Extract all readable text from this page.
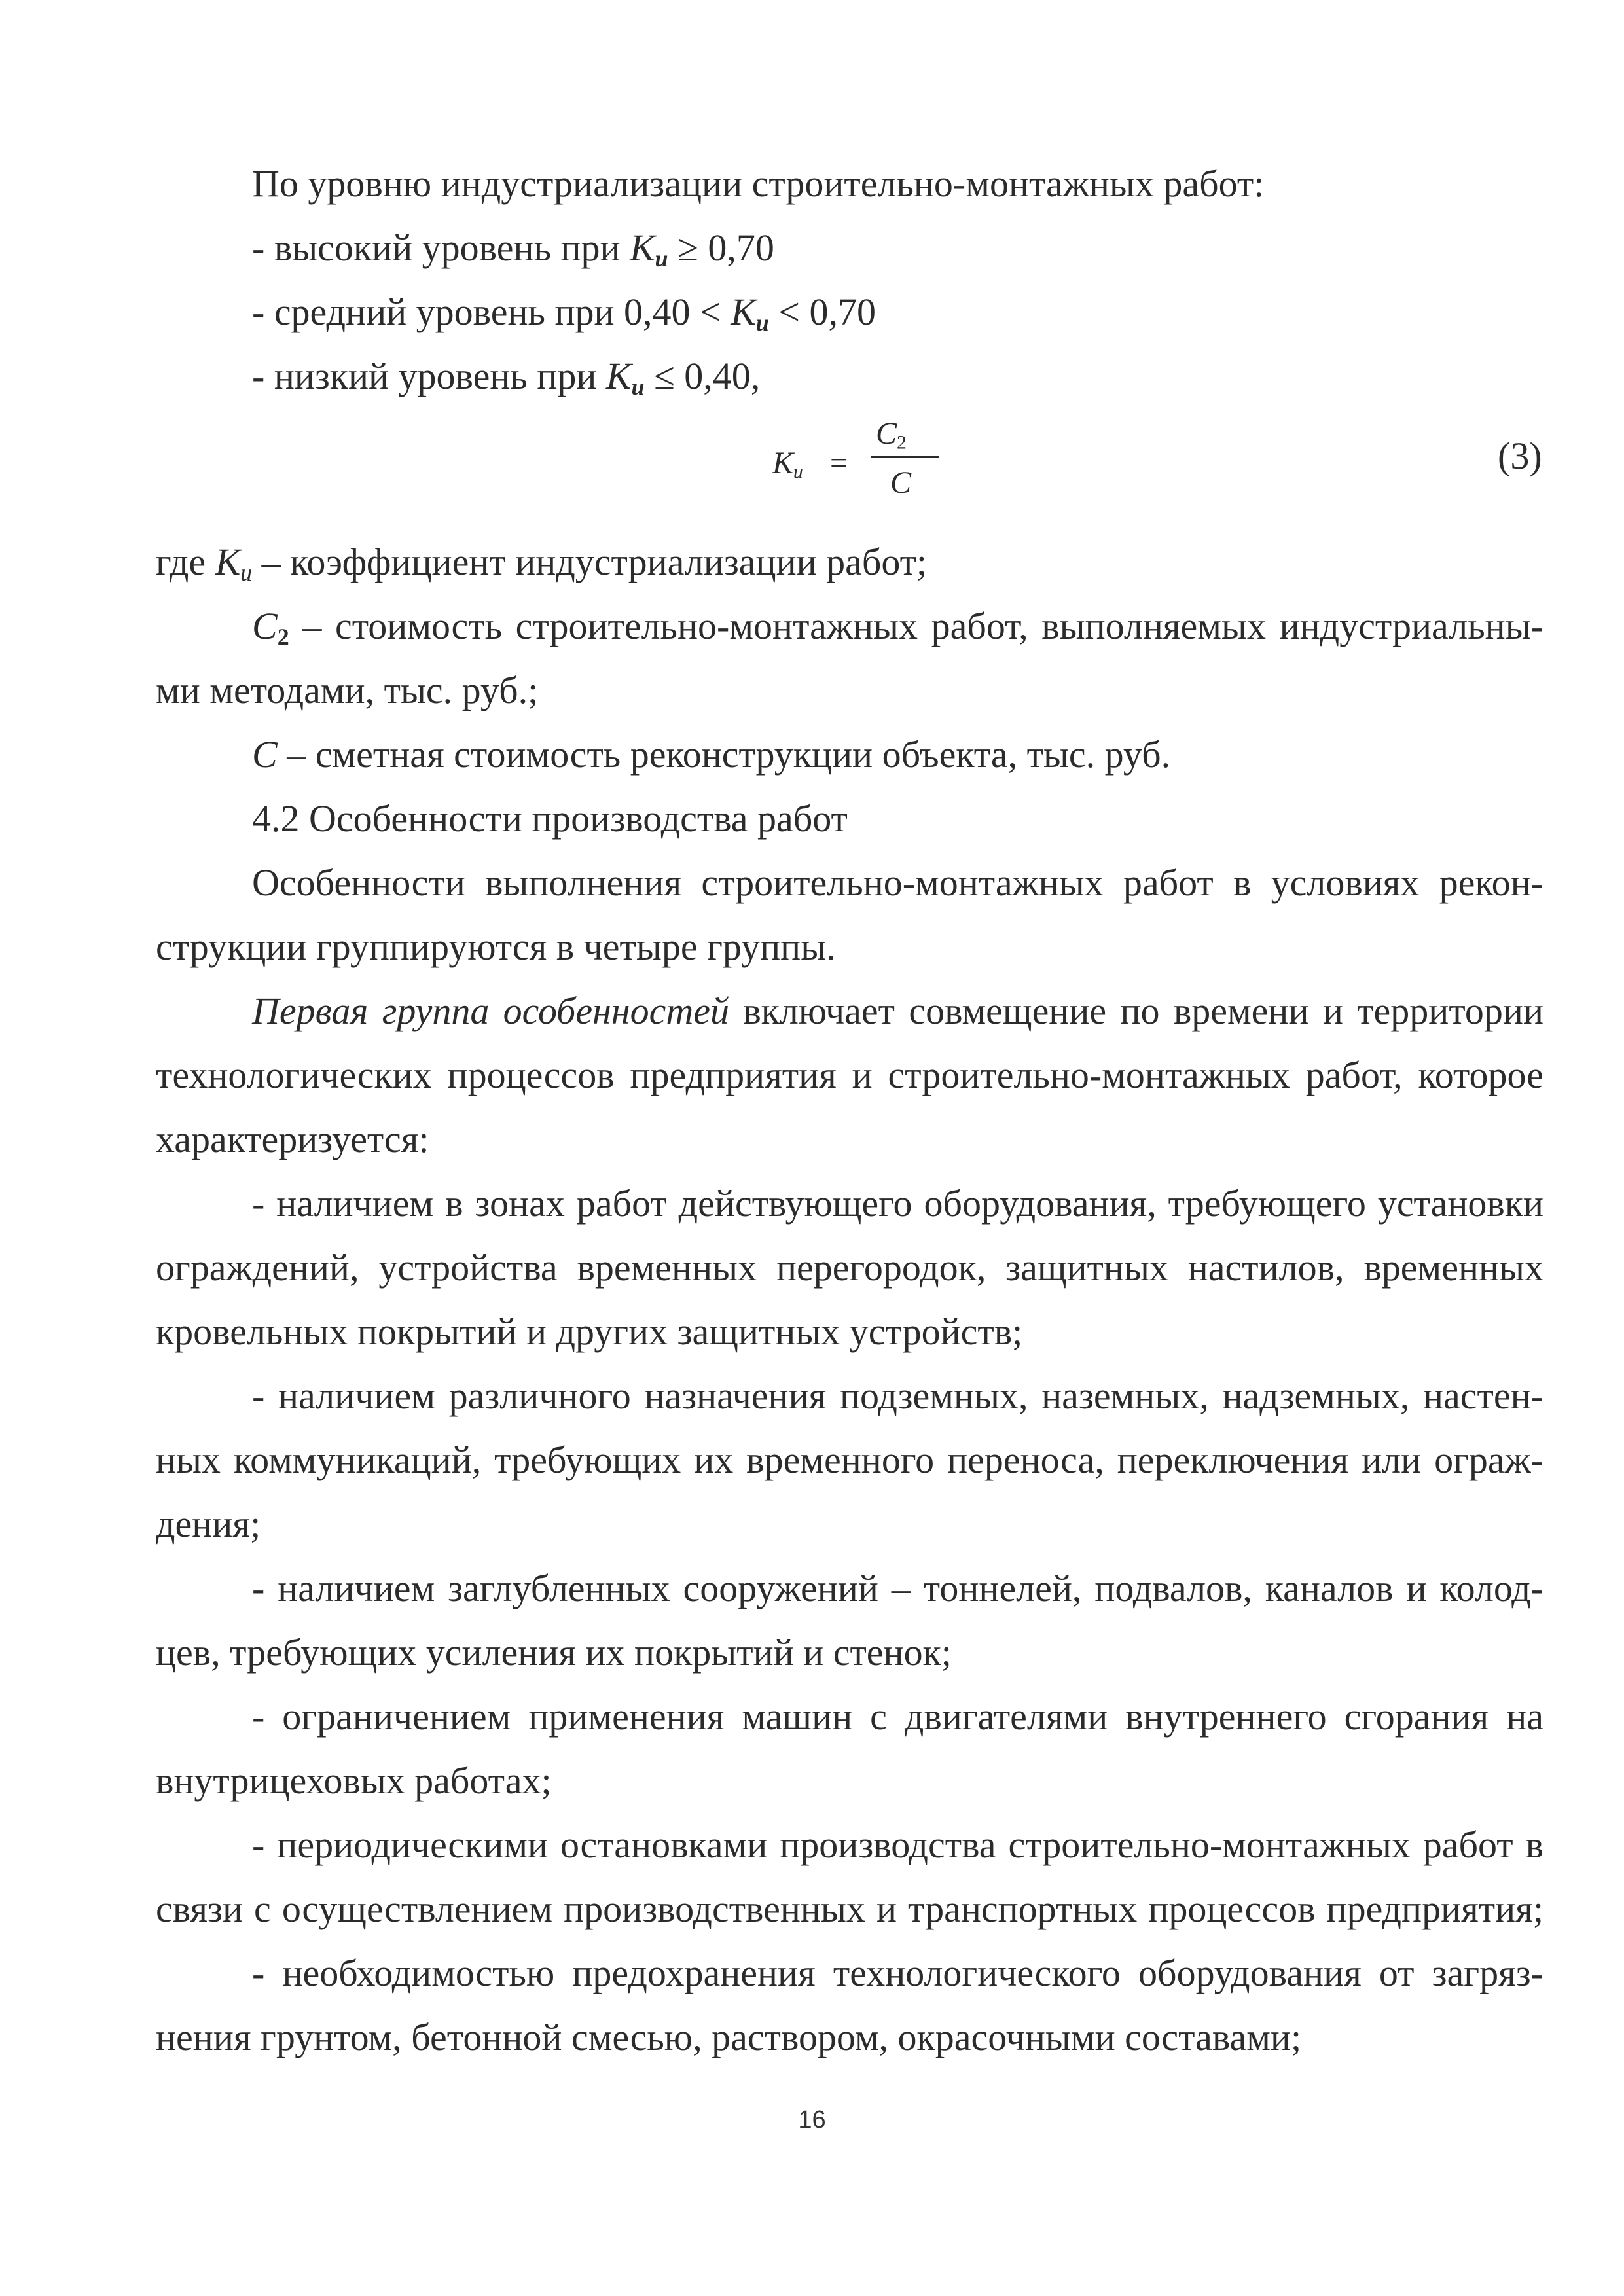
По уровню индустриализации строительно-монтажных работ:
- высокий уровень при $К_и \ge 0,70$
- средний уровень при $0,40 < К_и < 0,70$
- низкий уровень при $К_и \le 0,40$,
$К_и$ =
$С_2$
С
(3)
где $К_и$ – коэффициент индустриализации работ;
$С_2$ – стоимость строительно-монтажных работ, выполняемых индустриальны-
ми методами, тыс. руб.;
С – сметная стоимость реконструкции объекта, тыс. руб.
4.2 Особенности производства работ
Особенности выполнения строительно-монтажных работ в условиях рекон-
струкции группируются в четыре группы.
Первая группа особенностей включает совмещение по времени и территории
технологических процессов предприятия и строительно-монтажных работ, которое
характеризуется:
- наличием в зонах работ действующего оборудования, требующего установки
ограждений, устройства временных перегородок, защитных настилов, временных
кровельных покрытий и других защитных устройств;
- наличием различного назначения подземных, наземных, надземных, настен-
ных коммуникаций, требующих их временного переноса, переключения или ограж-
дения;
- наличием заглубленных сооружений – тоннелей, подвалов, каналов и колод-
цев, требующих усиления их покрытий и стенок;
- ограничением применения машин с двигателями внутреннего сгорания на
внутрицеховых работах;
- периодическими остановками производства строительно-монтажных работ в
связи с осуществлением производственных и транспортных процессов предприятия;
- необходимостью предохранения технологического оборудования от загряз-
нения грунтом, бетонной смесью, раствором, окрасочными составами;
16
